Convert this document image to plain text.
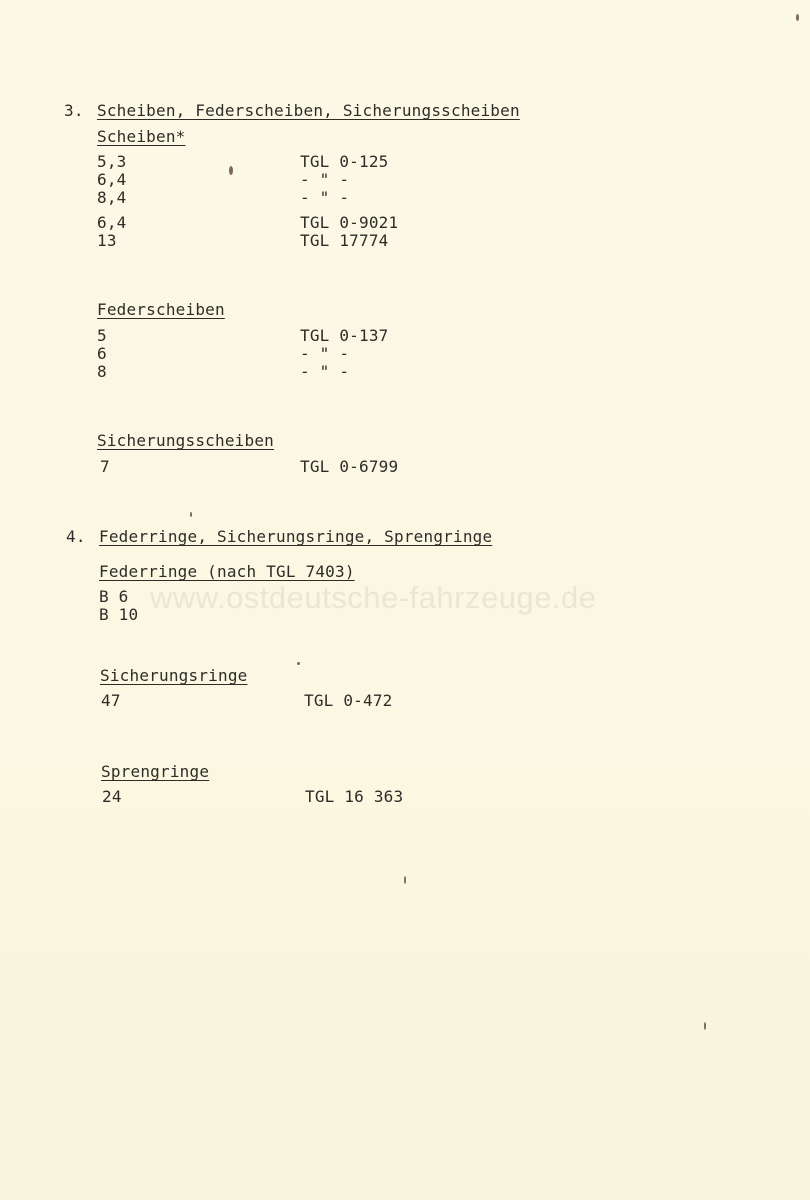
www.ostdeutsche-fahrzeuge.de
3. Scheiben, Federscheiben, Sicherungsscheiben
Scheiben*
5,3	TGL 0-125
6,4	- " -
8,4	- " -
6,4	TGL 0-9021
13	TGL 17774
Federscheiben
5	TGL 0-137
6	- " -
8	- " -
Sicherungsscheiben
7	TGL 0-6799
4. Federringe, Sicherungsringe, Sprengringe
Federringe (nach TGL 7403)
B 6
B 10
Sicherungsringe
47	TGL 0-472
Sprengringe
24	TGL 16 363
